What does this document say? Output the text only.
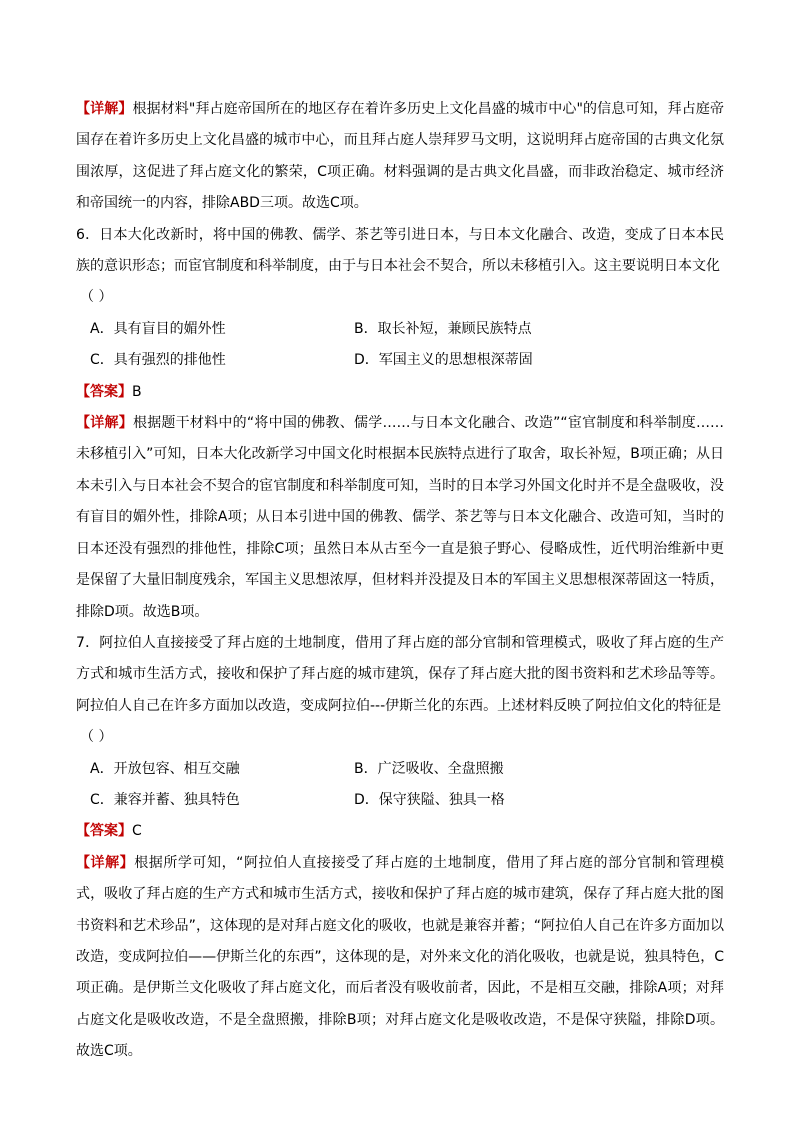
【详解】根据材料"拜占庭帝国所在的地区存在着许多历史上文化昌盛的城市中心"的信息可知，拜占庭帝国存在着许多历史上文化昌盛的城市中心，而且拜占庭人崇拜罗马文明，这说明拜占庭帝国的古典文化氛围浓厚，这促进了拜占庭文化的繁荣，C项正确。材料强调的是古典文化昌盛，而非政治稳定、城市经济和帝国统一的内容，排除ABD三项。故选C项。

6．日本大化改新时，将中国的佛教、儒学、茶艺等引进日本，与日本文化融合、改造，变成了日本本民族的意识形态；而宦官制度和科举制度，由于与日本社会不契合，所以未移植引入。这主要说明日本文化

（ ）

A．具有盲目的媚外性	B．取长补短，兼顾民族特点
C．具有强烈的排他性	D．军国主义的思想根深蒂固

【答案】B

【详解】根据题干材料中的“将中国的佛教、儒学……与日本文化融合、改造”“宦官制度和科举制度……未移植引入”可知，日本大化改新学习中国文化时根据本民族特点进行了取舍，取长补短，B项正确；从日本未引入与日本社会不契合的宦官制度和科举制度可知，当时的日本学习外国文化时并不是全盘吸收，没有盲目的媚外性，排除A项；从日本引进中国的佛教、儒学、茶艺等与日本文化融合、改造可知，当时的日本还没有强烈的排他性，排除C项；虽然日本从古至今一直是狼子野心、侵略成性，近代明治维新中更是保留了大量旧制度残余，军国主义思想浓厚，但材料并没提及日本的军国主义思想根深蒂固这一特质，排除D项。故选B项。

7．阿拉伯人直接接受了拜占庭的土地制度，借用了拜占庭的部分官制和管理模式，吸收了拜占庭的生产方式和城市生活方式，接收和保护了拜占庭的城市建筑，保存了拜占庭大批的图书资料和艺术珍品等等。阿拉伯人自己在许多方面加以改造，变成阿拉伯---伊斯兰化的东西。上述材料反映了阿拉伯文化的特征是

（ ）

A．开放包容、相互交融	B．广泛吸收、全盘照搬
C．兼容并蓄、独具特色	D．保守狭隘、独具一格

【答案】C

【详解】根据所学可知，“阿拉伯人直接接受了拜占庭的土地制度，借用了拜占庭的部分官制和管理模式，吸收了拜占庭的生产方式和城市生活方式，接收和保护了拜占庭的城市建筑，保存了拜占庭大批的图书资料和艺术珍品”，这体现的是对拜占庭文化的吸收，也就是兼容并蓄；“阿拉伯人自己在许多方面加以改造，变成阿拉伯——伊斯兰化的东西”，这体现的是，对外来文化的消化吸收，也就是说，独具特色，C项正确。是伊斯兰文化吸收了拜占庭文化，而后者没有吸收前者，因此，不是相互交融，排除A项；对拜占庭文化是吸收改造，不是全盘照搬，排除B项；对拜占庭文化是吸收改造，不是保守狭隘，排除D项。故选C项。
